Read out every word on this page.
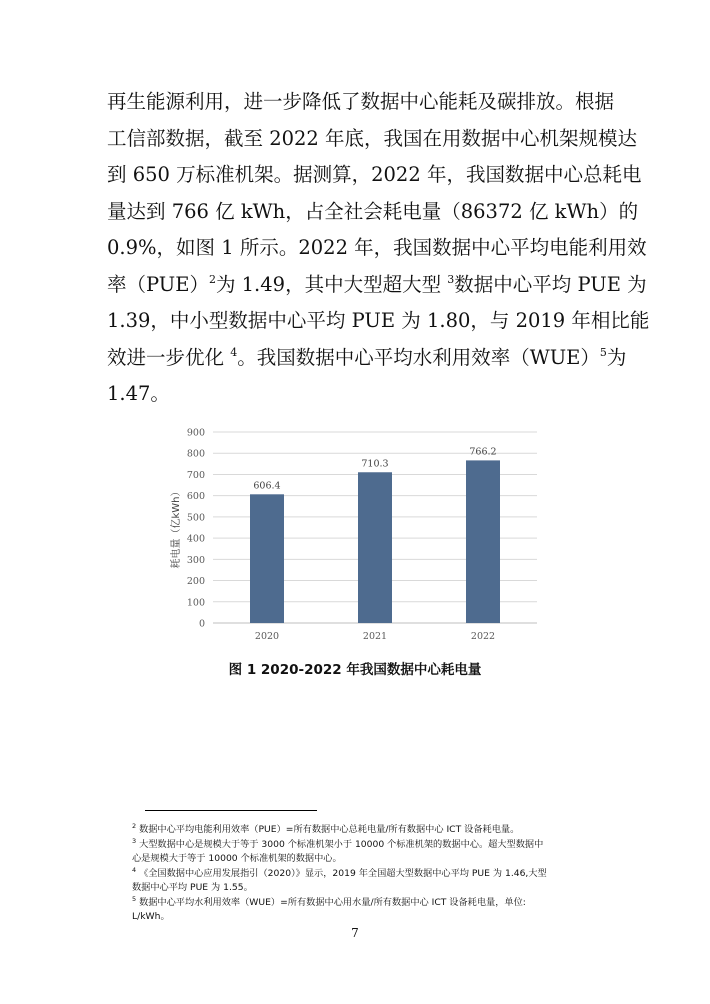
再生能源利用，进一步降低了数据中心能耗及碳排放。根据
工信部数据，截至 2022 年底，我国在用数据中心机架规模达
到 650 万标准机架。据测算，2022 年，我国数据中心总耗电
量达到 766 亿 kWh，占全社会耗电量（86372 亿 kWh）的
0.9%，如图 1 所示。2022 年，我国数据中心平均电能利用效
率（PUE）$^2$为 1.49，其中大型超大型 $^3$数据中心平均 PUE 为
1.39，中小型数据中心平均 PUE 为 1.80，与 2019 年相比能
效进一步优化 $^4$。我国数据中心平均水利用效率（WUE）$^5$为
1.47。
0
100
200
300
400
500
600
700
800
900
606.4
2020
710.3
2021
766.2
2022
耗电量（亿kWh）
图 1 2020-2022 年我国数据中心耗电量
$^2$ 数据中心平均电能利用效率（PUE）=所有数据中心总耗电量/所有数据中心 ICT 设备耗电量。
$^3$ 大型数据中心是规模大于等于 3000 个标准机架小于 10000 个标准机架的数据中心。超大型数据中
心是规模大于等于 10000 个标准机架的数据中心。
$^4$ 《全国数据中心应用发展指引（2020）》显示，2019 年全国超大型数据中心平均 PUE 为 1.46,大型
数据中心平均 PUE 为 1.55。
$^5$ 数据中心平均水利用效率（WUE）=所有数据中心用水量/所有数据中心 ICT 设备耗电量，单位:
L/kWh。
7
